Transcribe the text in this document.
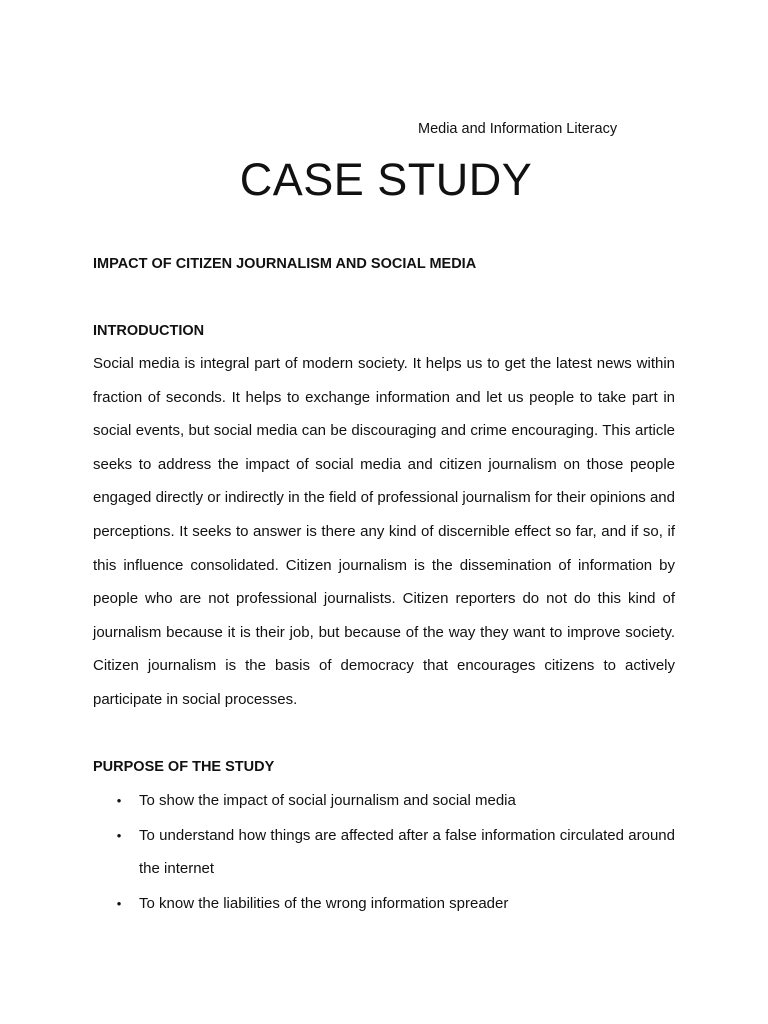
Media and Information Literacy
CASE STUDY
IMPACT OF CITIZEN JOURNALISM AND SOCIAL MEDIA
INTRODUCTION

Social media is integral part of modern society. It helps us to get the latest news within fraction of seconds. It helps to exchange information and let us people to take part in social events, but social media can be discouraging and crime encouraging. This article seeks to address the impact of social media and citizen journalism on those people engaged directly or indirectly in the field of professional journalism for their opinions and perceptions. It seeks to answer is there any kind of discernible effect so far, and if so, if this influence consolidated. Citizen journalism is the dissemination of information by people who are not professional journalists. Citizen reporters do not do this kind of journalism because it is their job, but because of the way they want to improve society. Citizen journalism is the basis of democracy that encourages citizens to actively participate in social processes.

PURPOSE OF THE STUDY
• To show the impact of social journalism and social media
• To understand how things are affected after a false information circulated around the internet
• To know the liabilities of the wrong information spreader
